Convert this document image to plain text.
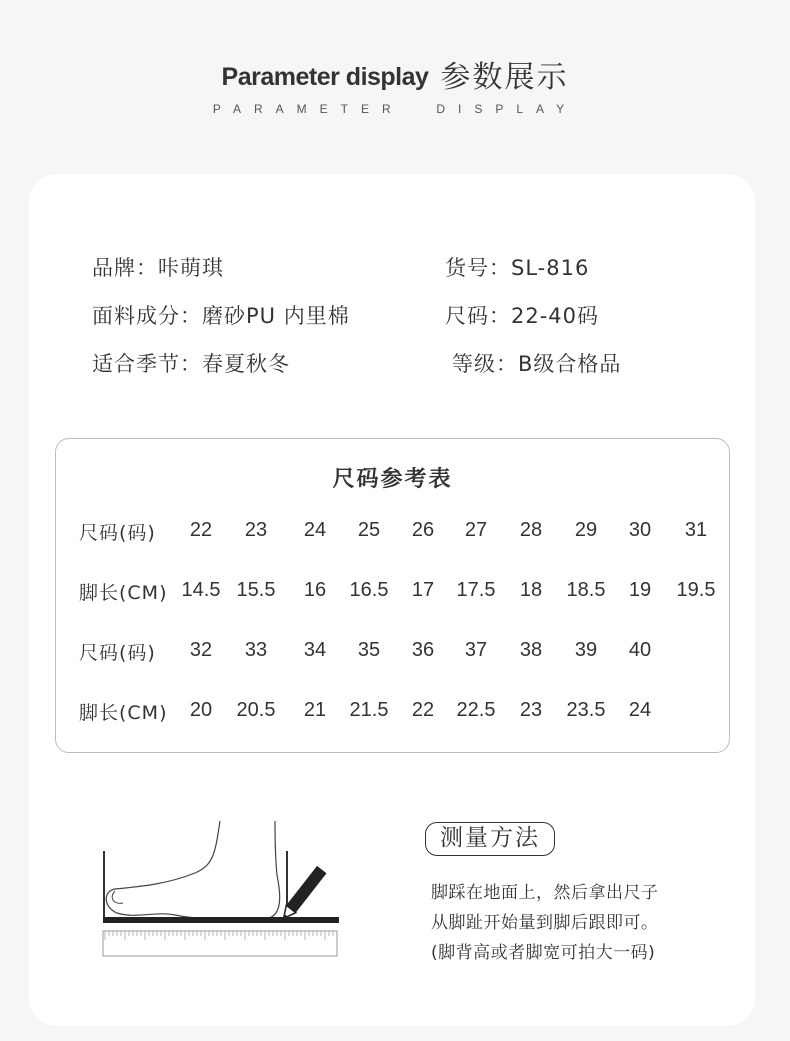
Parameter display 参数展示
PARAMETER  DISPLAY
品牌：咔萌琪	货号：SL-816
面料成分：磨砂PU 内里棉	尺码：22-40码
适合季节：春夏秋冬	等级：B级合格品
尺码参考表
尺码(码)	22	23	24	25	26	27	28	29	30	31
脚长(CM) 14.5 15.5	16	16.5	17	17.5	18	18.5	19	19.5
尺码(码)	32	33	34	35	36	37	38	39	40
脚长(CM)	20	20.5	21	21.5	22	22.5	23	23.5	24
测量方法
脚踩在地面上，然后拿出尺子
从脚趾开始量到脚后跟即可。
(脚背高或者脚宽可拍大一码)
